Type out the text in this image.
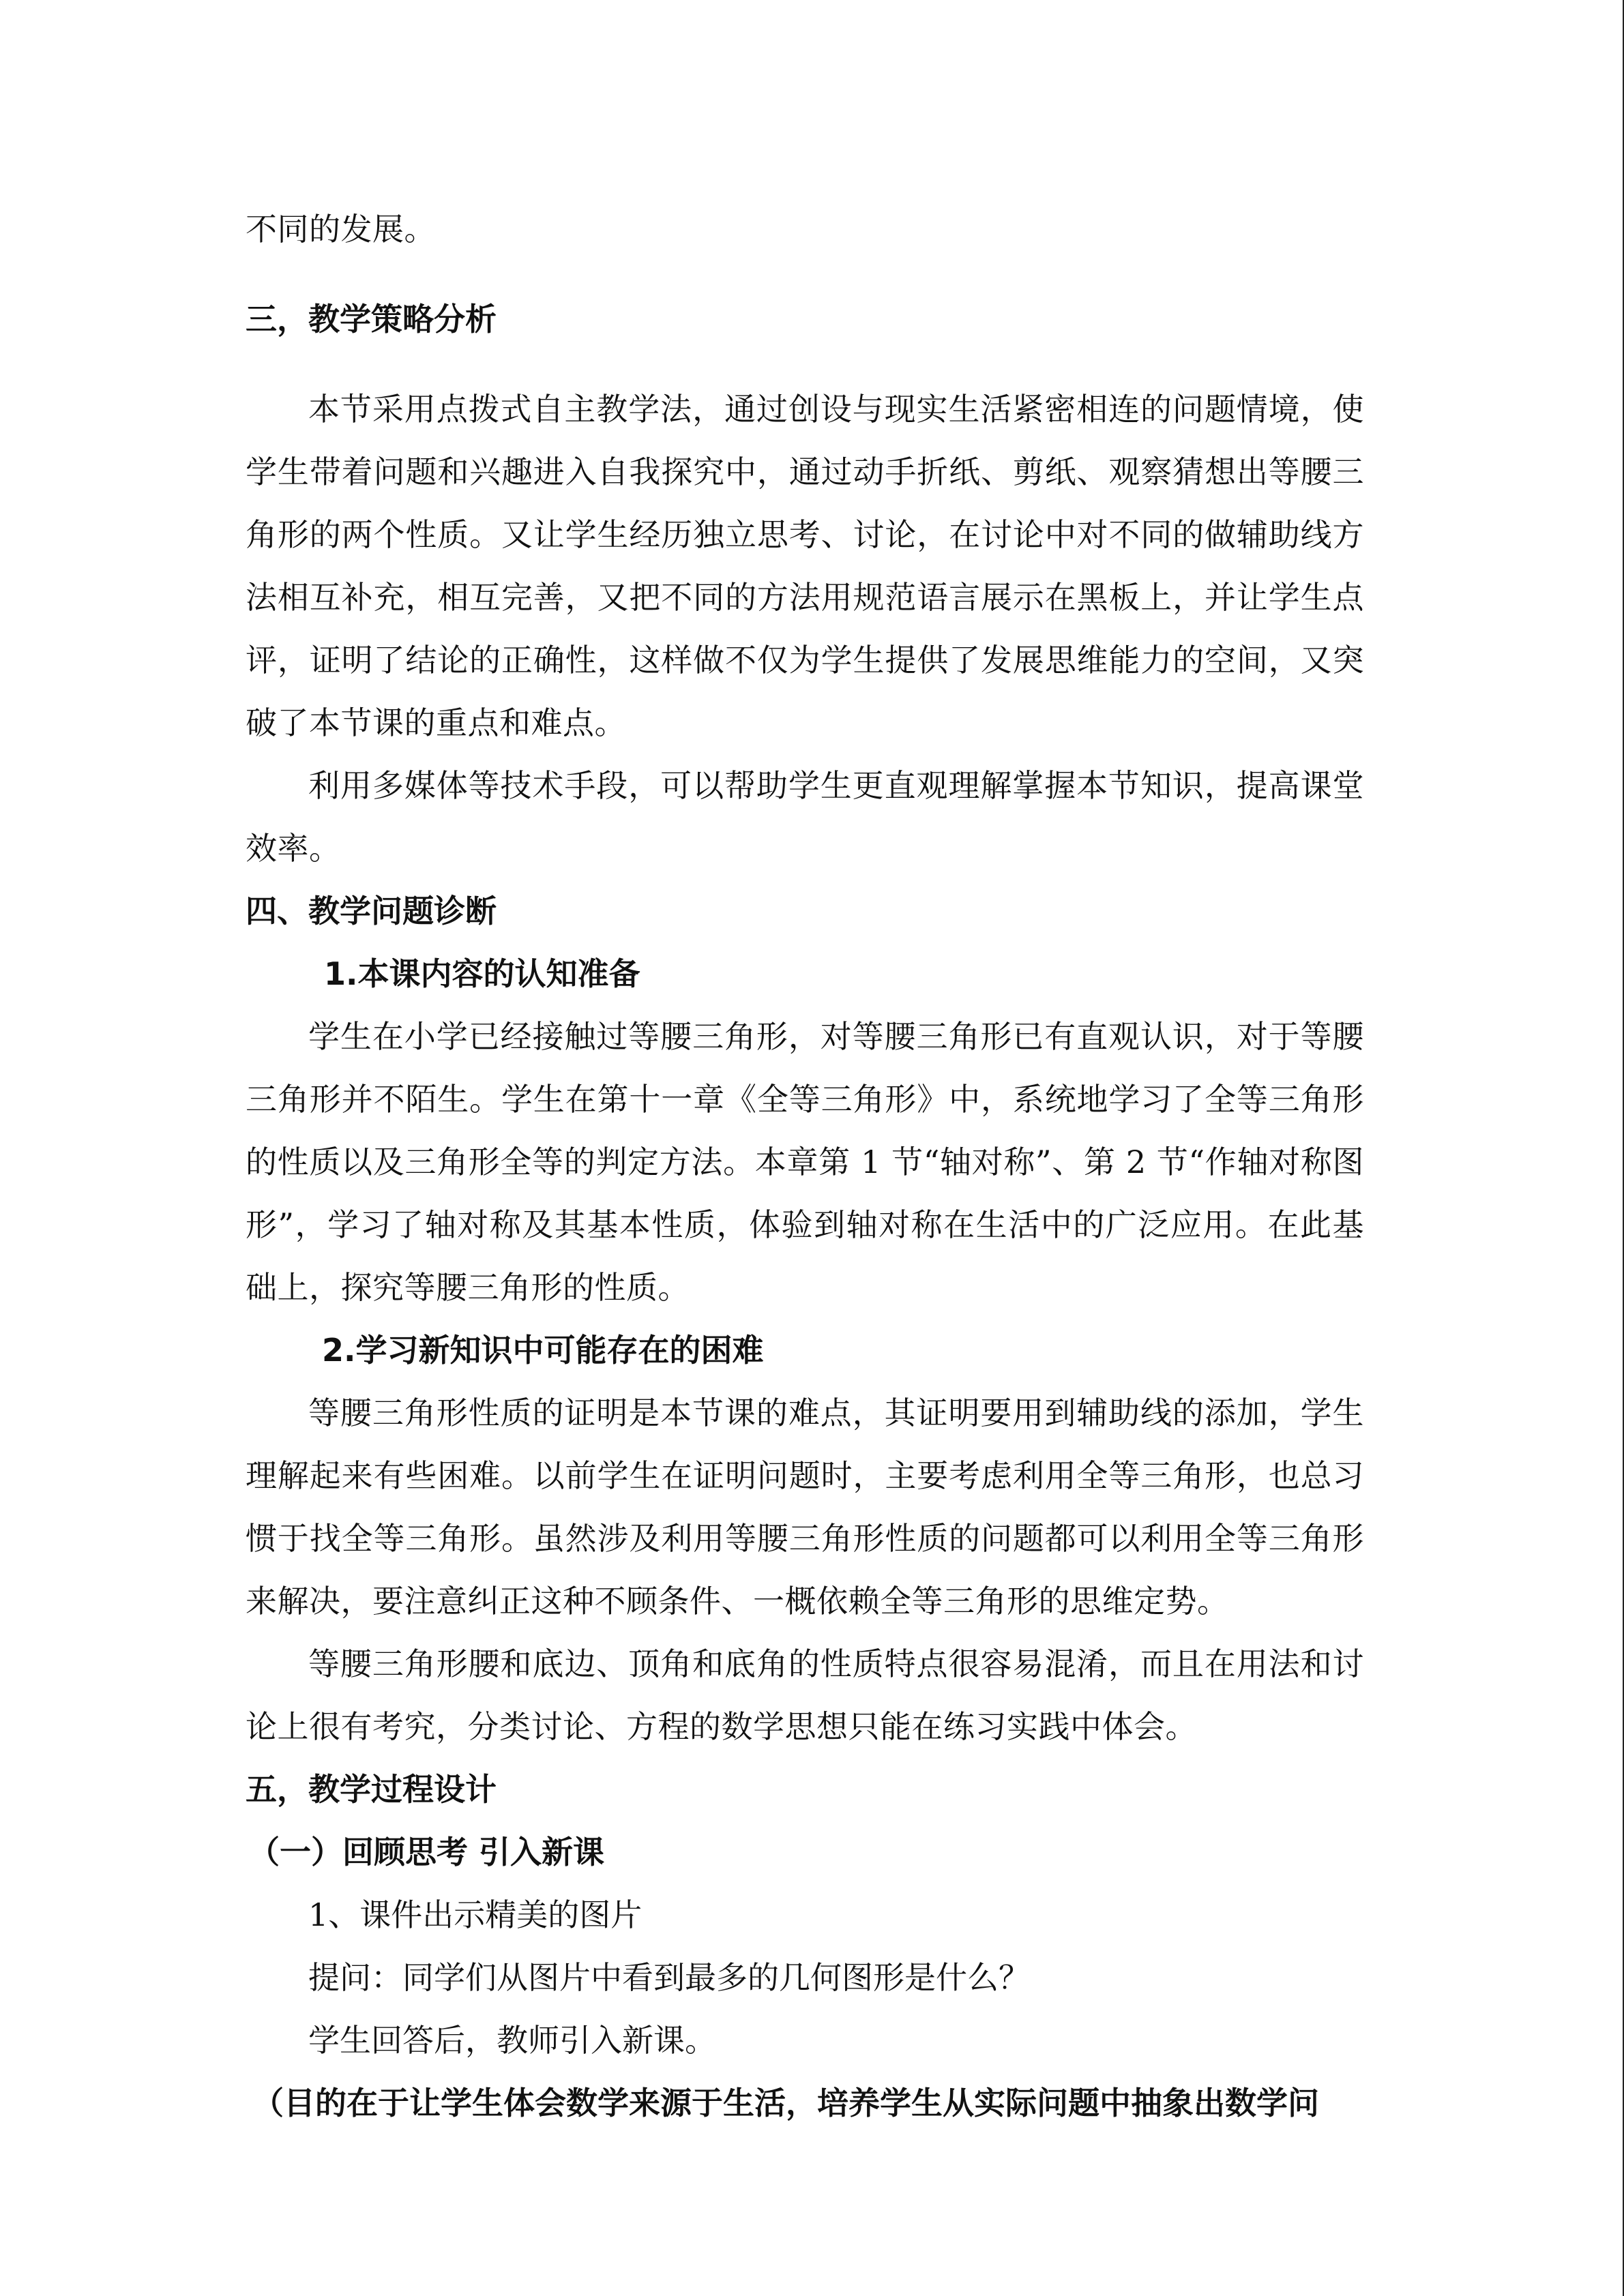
不同的发展。

三，教学策略分析

本节采用点拨式自主教学法，通过创设与现实生活紧密相连的问题情境，使学生带着问题和兴趣进入自我探究中，通过动手折纸、剪纸、观察猜想出等腰三角形的两个性质。又让学生经历独立思考、讨论，在讨论中对不同的做辅助线方法相互补充，相互完善，又把不同的方法用规范语言展示在黑板上，并让学生点评，证明了结论的正确性，这样做不仅为学生提供了发展思维能力的空间，又突破了本节课的重点和难点。

利用多媒体等技术手段，可以帮助学生更直观理解掌握本节知识，提高课堂效率。

四、教学问题诊断
1.本课内容的认知准备

学生在小学已经接触过等腰三角形，对等腰三角形已有直观认识，对于等腰三角形并不陌生。学生在第十一章《全等三角形》中，系统地学习了全等三角形的性质以及三角形全等的判定方法。本章第 1 节“轴对称”、第 2 节“作轴对称图形”，学习了轴对称及其基本性质，体验到轴对称在生活中的广泛应用。在此基础上，探究等腰三角形的性质。

2.学习新知识中可能存在的困难

等腰三角形性质的证明是本节课的难点，其证明要用到辅助线的添加，学生理解起来有些困难。以前学生在证明问题时，主要考虑利用全等三角形，也总习惯于找全等三角形。虽然涉及利用等腰三角形性质的问题都可以利用全等三角形来解决，要注意纠正这种不顾条件、一概依赖全等三角形的思维定势。

等腰三角形腰和底边、顶角和底角的性质特点很容易混淆，而且在用法和讨论上很有考究，分类讨论、方程的数学思想只能在练习实践中体会。

五，教学过程设计
（一）回顾思考 引入新课

1、课件出示精美的图片

提问：同学们从图片中看到最多的几何图形是什么？

学生回答后，教师引入新课。

（目的在于让学生体会数学来源于生活，培养学生从实际问题中抽象出数学问
